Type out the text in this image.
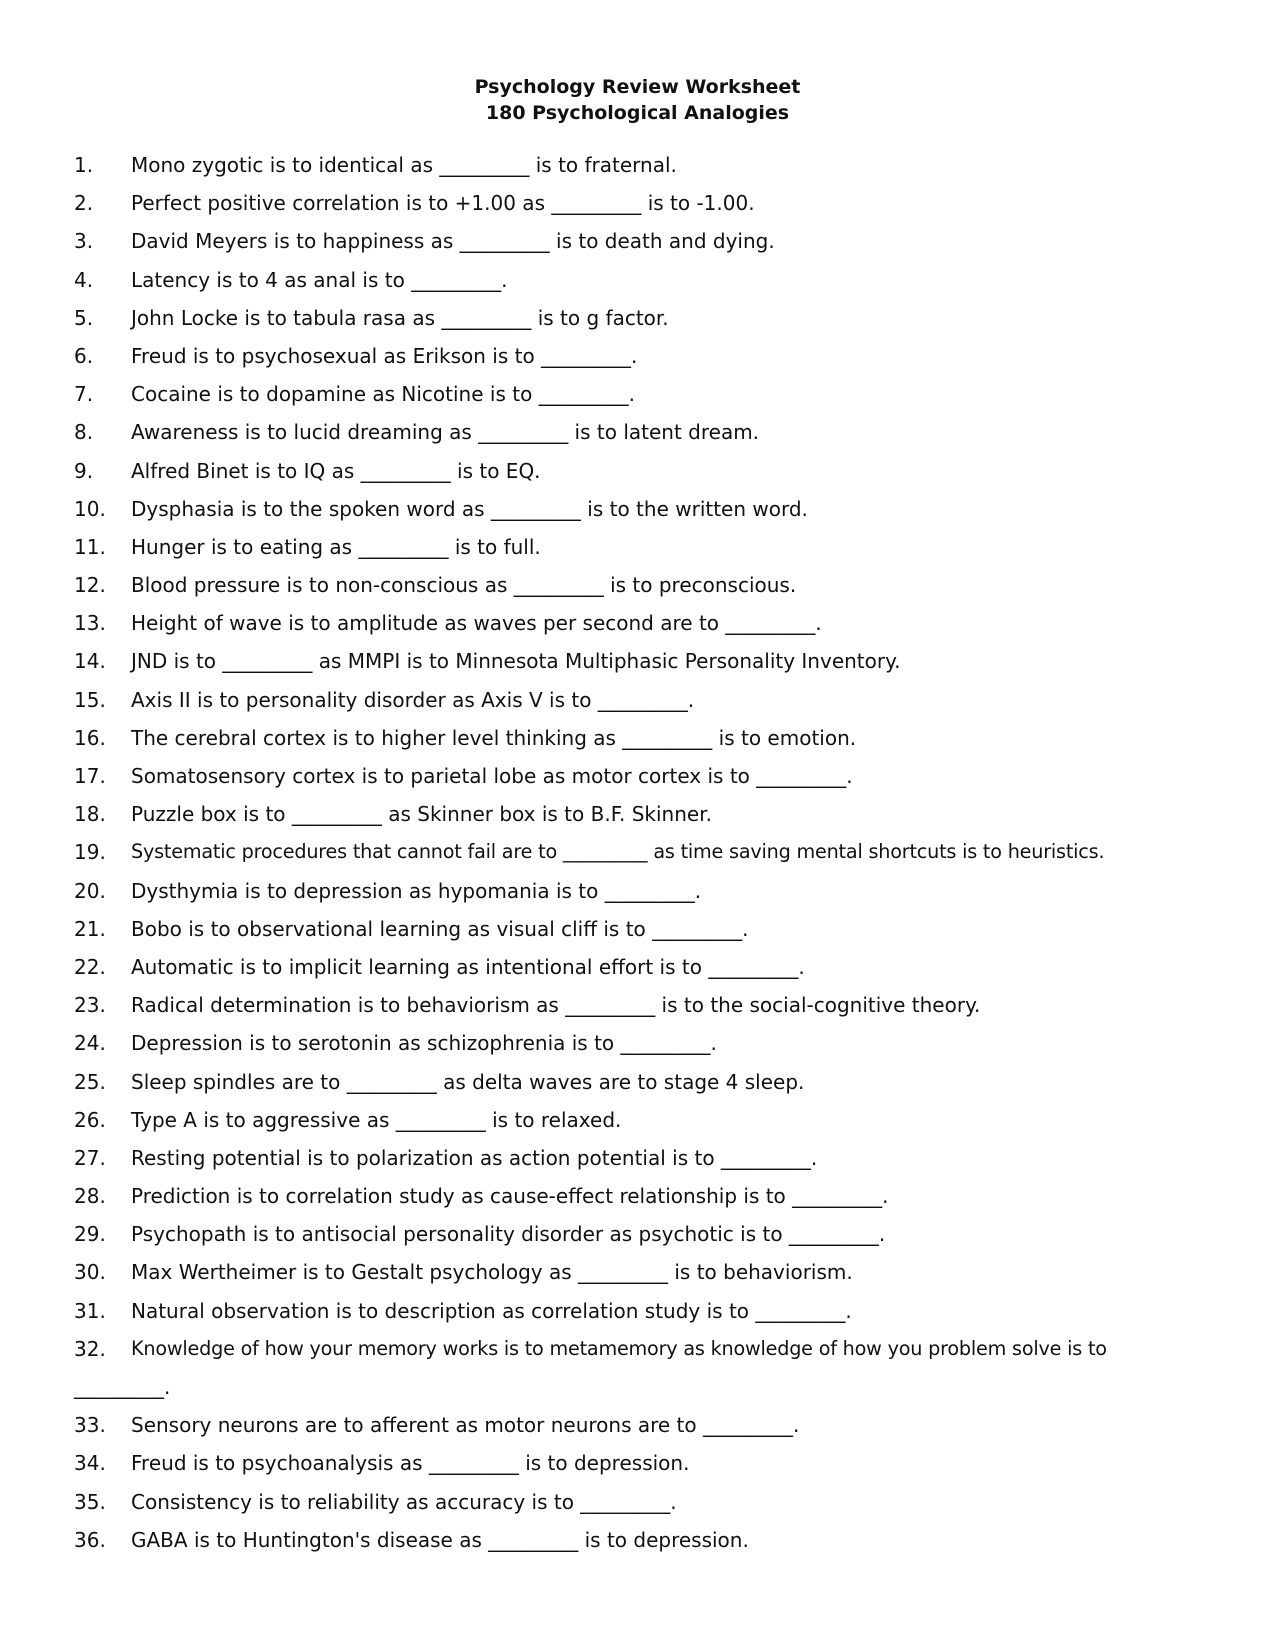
Psychology Review Worksheet
180 Psychological Analogies
1.	Mono zygotic is to identical as _________ is to fraternal.
2.	Perfect positive correlation is to +1.00 as _________ is to -1.00.
3.	David Meyers is to happiness as _________ is to death and dying.
4.	Latency is to 4 as anal is to _________.
5.	John Locke is to tabula rasa as _________ is to g factor.
6.	Freud is to psychosexual as Erikson is to _________.
7.	Cocaine is to dopamine as Nicotine is to _________.
8.	Awareness is to lucid dreaming as _________ is to latent dream.
9.	Alfred Binet is to IQ as _________ is to EQ.
10.	Dysphasia is to the spoken word as _________ is to the written word.
11.	Hunger is to eating as _________ is to full.
12.	Blood pressure is to non-conscious as _________ is to preconscious.
13.	Height of wave is to amplitude as waves per second are to _________.
14.	JND is to _________ as MMPI is to Minnesota Multiphasic Personality Inventory.
15.	Axis II is to personality disorder as Axis V is to _________.
16.	The cerebral cortex is to higher level thinking as _________ is to emotion.
17.	Somatosensory cortex is to parietal lobe as motor cortex is to _________.
18.	Puzzle box is to _________ as Skinner box is to B.F. Skinner.
19.	Systematic procedures that cannot fail are to _________ as time saving mental shortcuts is to heuristics.
20.	Dysthymia is to depression as hypomania is to _________.
21.	Bobo is to observational learning as visual cliff is to _________.
22.	Automatic is to implicit learning as intentional effort is to _________.
23.	Radical determination is to behaviorism as _________ is to the social-cognitive theory.
24.	Depression is to serotonin as schizophrenia is to _________.
25.	Sleep spindles are to _________ as delta waves are to stage 4 sleep.
26.	Type A is to aggressive as _________ is to relaxed.
27.	Resting potential is to polarization as action potential is to _________.
28.	Prediction is to correlation study as cause-effect relationship is to _________.
29.	Psychopath is to antisocial personality disorder as psychotic is to _________.
30.	Max Wertheimer is to Gestalt psychology as _________ is to behaviorism.
31.	Natural observation is to description as correlation study is to _________.
32.	Knowledge of how your memory works is to metamemory as knowledge of how you problem solve is to
_________.
33.	Sensory neurons are to afferent as motor neurons are to _________.
34.	Freud is to psychoanalysis as _________ is to depression.
35.	Consistency is to reliability as accuracy is to _________.
36.	GABA is to Huntington's disease as _________ is to depression.
